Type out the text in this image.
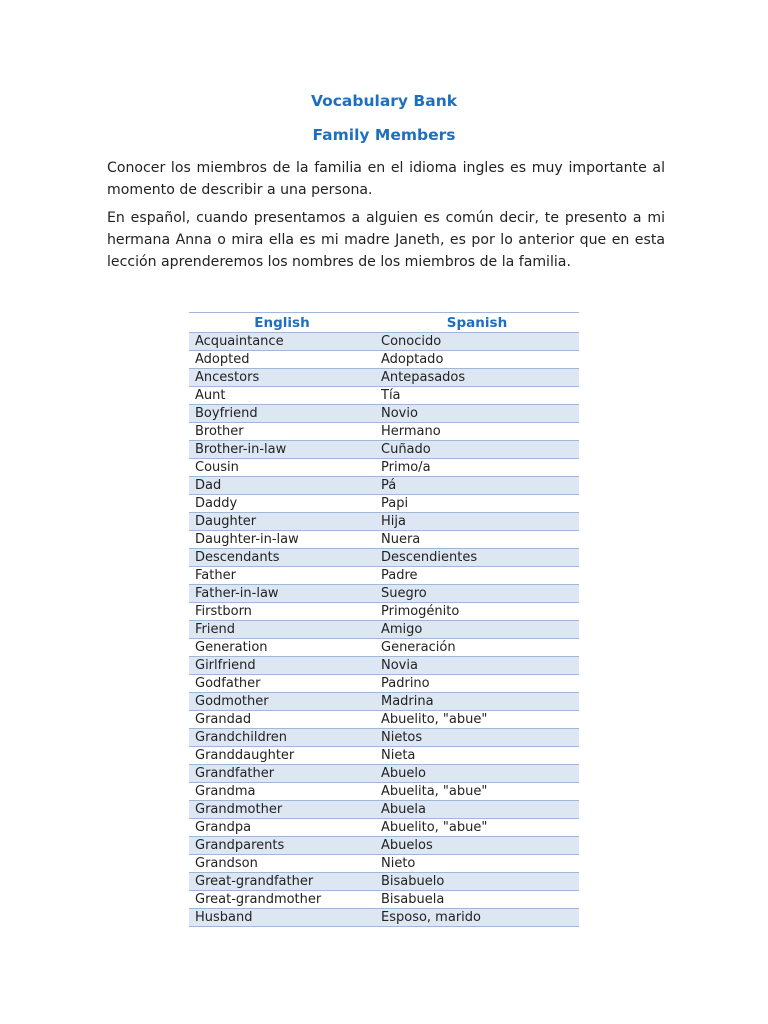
Vocabulary Bank
Family Members

Conocer los miembros de la familia en el idioma ingles es muy importante al momento de describir a una persona.

En español, cuando presentamos a alguien es común decir, te presento a mi hermana Anna o mira ella es mi madre Janeth, es por lo anterior que en esta lección aprenderemos los nombres de los miembros de la familia.

English	Spanish
Acquaintance	Conocido
Adopted	Adoptado
Ancestors	Antepasados
Aunt	Tía
Boyfriend	Novio
Brother	Hermano
Brother-in-law	Cuñado
Cousin	Primo/a
Dad	Pá
Daddy	Papi
Daughter	Hija
Daughter-in-law	Nuera
Descendants	Descendientes
Father	Padre
Father-in-law	Suegro
Firstborn	Primogénito
Friend	Amigo
Generation	Generación
Girlfriend	Novia
Godfather	Padrino
Godmother	Madrina
Grandad	Abuelito, "abue"
Grandchildren	Nietos
Granddaughter	Nieta
Grandfather	Abuelo
Grandma	Abuelita, "abue"
Grandmother	Abuela
Grandpa	Abuelito, "abue"
Grandparents	Abuelos
Grandson	Nieto
Great-grandfather	Bisabuelo
Great-grandmother	Bisabuela
Husband	Esposo, marido
